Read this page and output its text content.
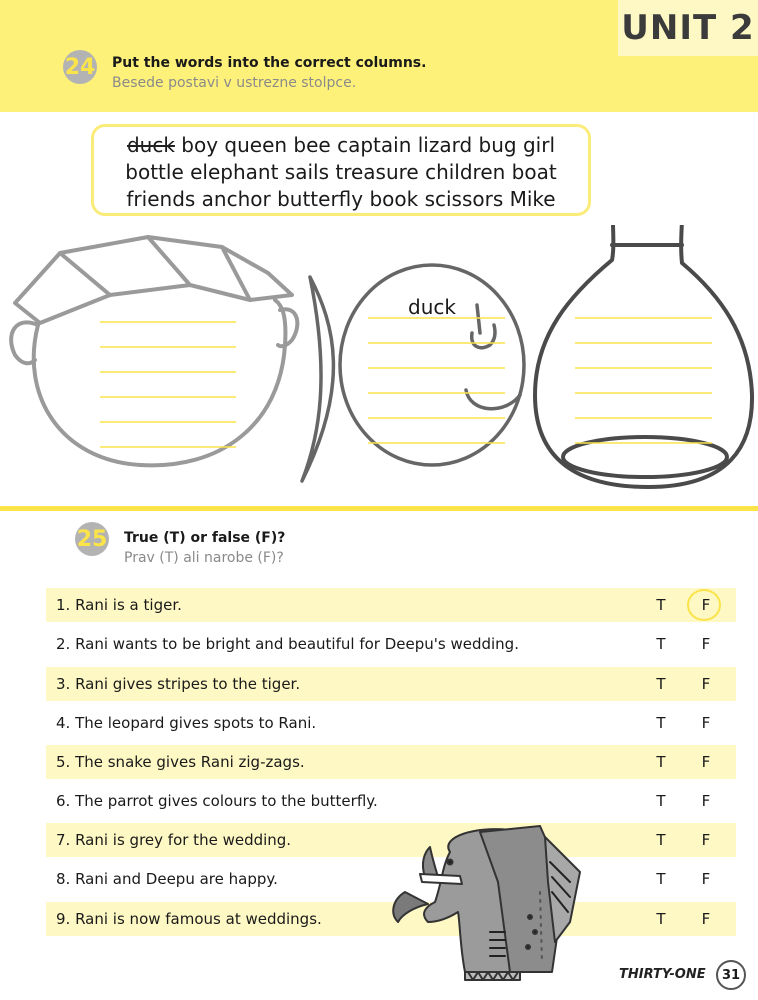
UNIT 2
24 Put the words into the correct columns.
Besede postavi v ustrezne stolpce.
duck boy queen bee captain lizard bug girl
bottle elephant sails treasure children boat
friends anchor butterfly book scissors Mike
duck
25 True (T) or false (F)?
Prav (T) ali narobe (F)?
1. Rani is a tiger.	T	F
2. Rani wants to be bright and beautiful for Deepu's wedding.	T	F
3. Rani gives stripes to the tiger.	T	F
4. The leopard gives spots to Rani.	T	F
5. The snake gives Rani zig-zags.	T	F
6. The parrot gives colours to the butterfly.	T	F
7. Rani is grey for the wedding.	T	F
8. Rani and Deepu are happy.	T	F
9. Rani is now famous at weddings.	T	F
THIRTY-ONE	31
